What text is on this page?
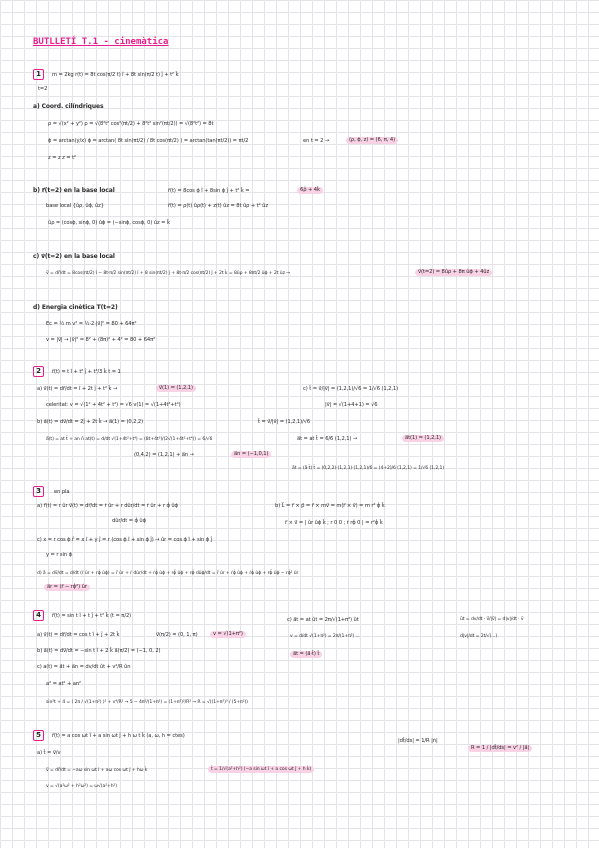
BUTLLETÍ T.1 - cinemàtica
1	m = 2kg r(t) = 8t cos(π/2 t) î + 8t sin(π/2 t) ĵ + t² k̂
t=2
a) Coord. cilíndriques
ρ = √(x² + y²) ρ = √(8²t² cos²(πt/2) + 8²t² sin²(πt/2)) = √(8²t²) = 8t
ϕ = arctan(y/x) ϕ = arctan( 8t sin(πt/2) / 8t cos(πt/2) ) = arctan(tan(πt/2)) = πt/2	en t = 2 →	(ρ, ϕ, z) = (6, π, 4)
z = z z = t²
b) r⃗(t=2) en la base local	r⃗(t) = 8cos ϕ î + 8sin ϕ ĵ + t² k̂ =	6ρ̂ + 4k̂
base local {ûρ, ûϕ, ûz}	r⃗(t) = ρ(t) ûρ(t) + z(t) ûz = 8t ûρ + t² ûz
ûρ = (cosϕ, sinϕ, 0) ûϕ = (−sinϕ, cosϕ, 0) ûz = k̂
c) v⃗(t=2) en la base local
v⃗ = dr⃗/dt = 8cos(πt/2) î − 8t·π/2 sin(πt/2) î + 8 sin(πt/2) ĵ + 8t·π/2 cos(πt/2) ĵ + 2t k̂ = 8ûρ + 8πt/2 ûϕ + 2t ûz →	v⃗(t=2) = 8ûρ + 8π ûϕ + 4ûz
d) Energia cinètica T(t=2)
Ec = ½ m v² = ½·2·|v⃗|² = 80 + 64π²
v = |v⃗| → |v⃗|² = 8² + (8π)² + 4² = 80 + 64π²
2	r⃗(t) = t î + t² ĵ + t³/3 k̂ t = 1
a) v⃗(t) = dr⃗/dt = î + 2t ĵ + t² k̂ →	v⃗(1) = (1,2,1)
celeritat: v = √(1² + 4t² + t⁴) = √6 v(1) = √(1+4t²+t⁴)
c) t̂ = v⃗/|v⃗| = (1,2,1)/√6 = 1/√6 (1,2,1)
|v⃗| = √(1+4+1) = √6
b) a⃗(t) = dv⃗/dt = 2ĵ + 2t k̂ → a⃗(1) = (0,2,2)	t̂ = v⃗/|v⃗| = (1,2,1)/√6
a⃗(t) = at t̂ + an n̂ at(t) = d/dt √(1+4t²+t⁴) = (8t+4t³)/(2√(1+4t²+t⁴)) = 6/√6	a⃗t = at t̂ = 6/6 (1,2,1) →	a⃗t(1) = (1,2,1)
(0,4,2) = (1,2,1) + a⃗n →	a⃗n = (−1,0,1)
a⃗t = (a⃗·t̂) t̂ = (0,2,2)·(1,2,1)·(1,2,1)/6 = (4+2)/6 (1,2,1) = 1/√6 (1,2,1)
3	en pla
a) r⃗(t) = r ûr v⃗(t) = dr⃗/dt = ṙ ûr + r dûr/dt = ṙ ûr + r ϕ̇ ûϕ
dûr/dt = ϕ̇ ûϕ
b) L⃗ = r⃗ × p⃗ = r⃗ × mv⃗ = m(r⃗ × v⃗) = m r² ϕ̇ k̂
r⃗ × v⃗ = | ûr ûϕ k̂ ; r 0 0 ; ṙ rϕ̇ 0 | = r²ϕ̇ k̂
c) x = r cos ϕ r̂ = x î + y ĵ = r (cos ϕ î + sin ϕ ĵ) → ûr = cos ϕ î + sin ϕ ĵ
y = r sin ϕ
d) a⃗ = dv⃗/dt = d/dt (ṙ ûr + rϕ̇ ûϕ) = r̈ ûr + ṙ dûr/dt + ṙϕ̇ ûϕ + rϕ̈ ûϕ + rϕ̇ dûϕ/dt = r̈ ûr + ṙϕ̇ ûϕ + ṙϕ̇ ûϕ + rϕ̈ ûϕ − rϕ̇² ûr
a⃗r = (r̈ − rϕ̇²) ûr
4	r⃗(t) = sin t î + t ĵ + t² k̂ (t = π/2)
a) v⃗(t) = dr⃗/dt = cos t î + ĵ + 2t k̂	v⃗(π/2) = (0, 1, π)	v = √(1+π²)
b) a⃗(t) = dv⃗/dt = −sin t î + 2 k̂ a⃗(π/2) = (−1, 0, 2)
c) a(t) = a⃗t + a⃗n = dv/dt ût + v²/R ûn
a² = at² + an²
sin²t + 4 = ( 2π / √(1+π²) )² + v⁴/R² → 5 − 4π²/(1+π²) = (1+π²)²/R² → R = √((1+π²)³ / (5+π²))
c) a⃗t = at ût = 2π/√(1+π²) ût
v = d/dt √(1+π²) = 2π/(1+π²) ...
a⃗t = (a⃗·t̂) t̂
ūt = dv/dt · v⃗/|v⃗| = d|v|/dt · v̂
d|v|/dt = 2t/√(...)
5	r⃗(t) = a cos ωt î + a sin ωt ĵ + h ω t k̂ (a, ω, h = ctes)
a) t̂ = v⃗/v
v⃗ = dr⃗/dt = −aω sin ωt î + aω cos ωt ĵ + hω k̂	t̂ = 1/√(a²+h²) (−a sin ωt î + a cos ωt ĵ + h k̂)
v = √(a²ω² + h²ω²) = ω√(a²+h²)
|dt̂/ds| = 1/R |ṅ|
R = 1 / |dt̂/ds| = v² / |a⃗|
